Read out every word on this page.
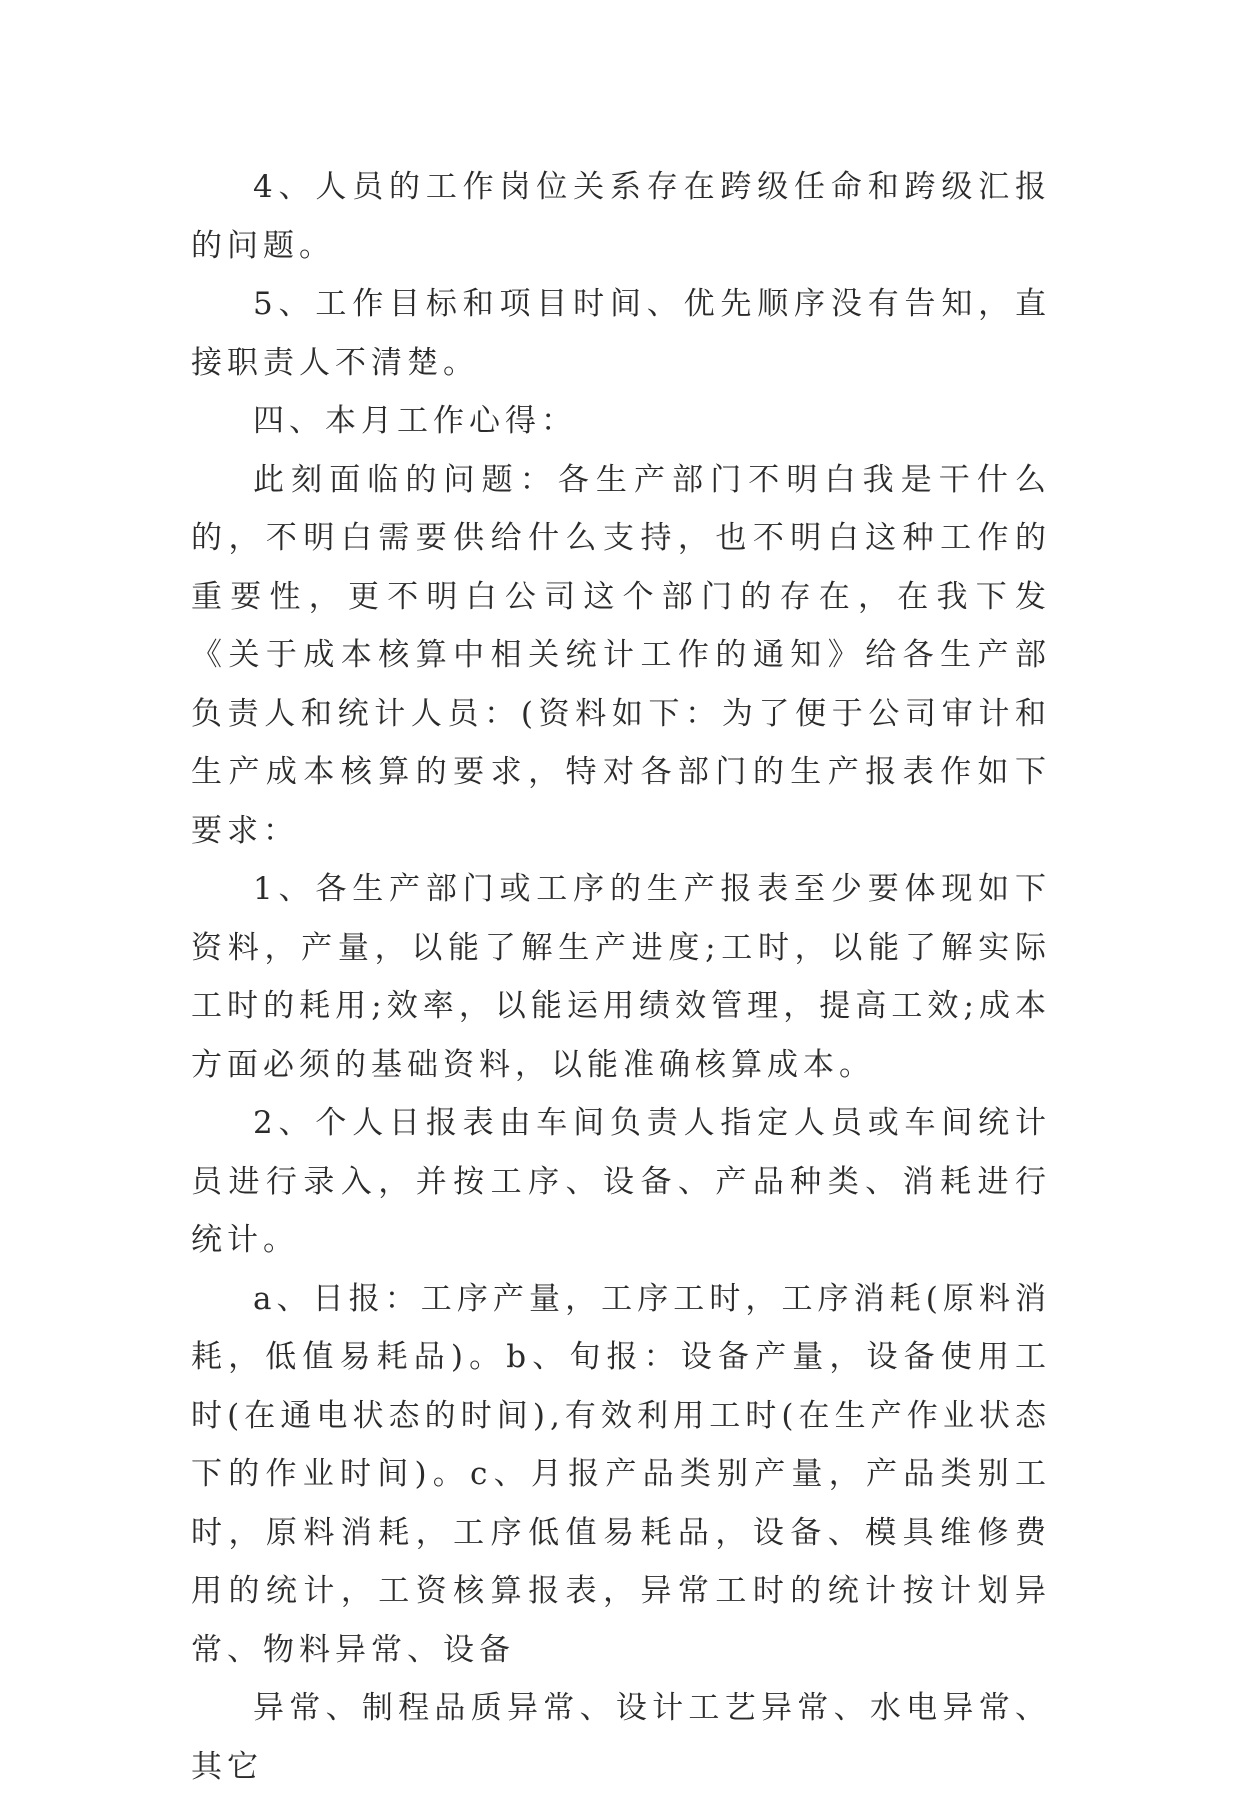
4、人员的工作岗位关系存在跨级任命和跨级汇报的问题。

5、工作目标和项目时间、优先顺序没有告知，直接职责人不清楚。

四、本月工作心得：

此刻面临的问题：各生产部门不明白我是干什么的，不明白需要供给什么支持，也不明白这种工作的重要性，更不明白公司这个部门的存在，在我下发《关于成本核算中相关统计工作的通知》给各生产部负责人和统计人员：(资料如下：为了便于公司审计和生产成本核算的要求，特对各部门的生产报表作如下要求：

1、各生产部门或工序的生产报表至少要体现如下资料，产量，以能了解生产进度;工时，以能了解实际工时的耗用;效率，以能运用绩效管理，提高工效;成本方面必须的基础资料，以能准确核算成本。

2、个人日报表由车间负责人指定人员或车间统计员进行录入，并按工序、设备、产品种类、消耗进行统计。

a、日报：工序产量，工序工时，工序消耗(原料消耗，低值易耗品)。b、旬报：设备产量，设备使用工时(在通电状态的时间),有效利用工时(在生产作业状态下的作业时间)。c、月报产品类别产量，产品类别工时，原料消耗，工序低值易耗品，设备、模具维修费用的统计，工资核算报表，异常工时的统计按计划异常、物料异常、设备

异常、制程品质异常、设计工艺异常、水电异常、其它
